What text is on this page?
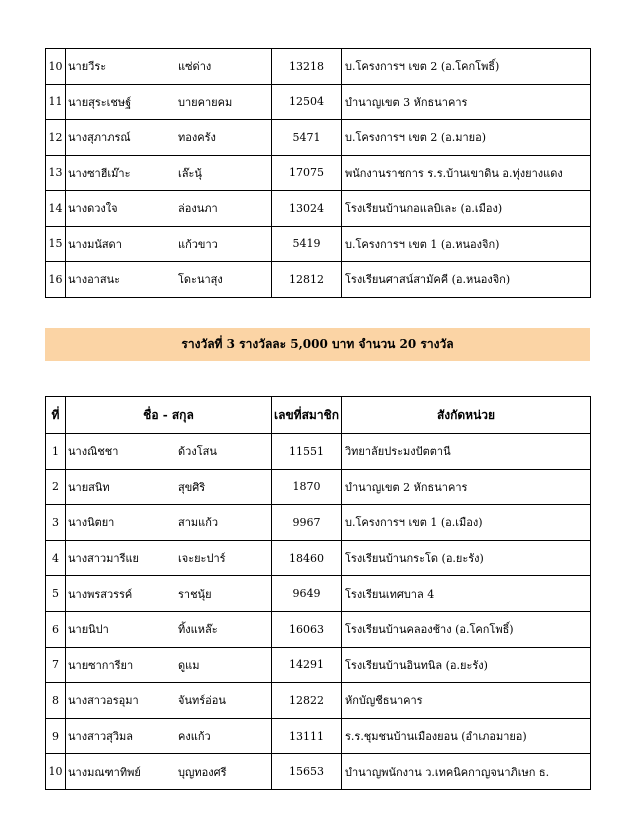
10	นายวีระ แซ่ด่าง	13218	บ.โครงการฯ เขต 2 (อ.โคกโพธิ์)
11	นายสุระเชษฐ์ บายคายคม	12504	บำนาญเขต 3 หักธนาคาร
12	นางสุภาภรณ์ ทองครัง	5471	บ.โครงการฯ เขต 2 (อ.มายอ)
13	นางซาฮีเม๊าะ เล๊ะนุ้	17075	พนักงานราชการ ร.ร.บ้านเขาดิน อ.ทุ่งยางแดง
14	นางดวงใจ ล่องนภา	13024	โรงเรียนบ้านกอแลบิเละ (อ.เมือง)
15	นางมนัสดา แก้วขาว	5419	บ.โครงการฯ เขต 1 (อ.หนองจิก)
16	นางอาสนะ โดะนาสุง	12812	โรงเรียนศาสน์สามัคคี (อ.หนองจิก)
รางวัลที่ 3 รางวัลละ 5,000 บาท จำนวน 20 รางวัล
ที่	ชื่อ - สกุล	เลขที่สมาชิก	สังกัดหน่วย
1	นางณิชชา ด้วงโสน	11551	วิทยาลัยประมงปัตตานี
2	นายสนิท สุขศิริ	1870	บำนาญเขต 2 หักธนาคาร
3	นางนิตยา สามแก้ว	9967	บ.โครงการฯ เขต 1 (อ.เมือง)
4	นางสาวมารีแย เจะยะปาร์	18460	โรงเรียนบ้านกระโด (อ.ยะรัง)
5	นางพรสวรรค์ ราชนุ้ย	9649	โรงเรียนเทศบาล 4
6	นายนิปา ทิ้งแหล๊ะ	16063	โรงเรียนบ้านคลองช้าง (อ.โคกโพธิ์)
7	นายซาการียา ดูแม	14291	โรงเรียนบ้านอินทนิล (อ.ยะรัง)
8	นางสาวอรอุมา จันทร์อ่อน	12822	หักบัญชีธนาคาร
9	นางสาวสุวิมล คงแก้ว	13111	ร.ร.ชุมชนบ้านเมืองยอน (อำเภอมายอ)
10	นางมณฑาทิพย์ บุญทองศรี	15653	บำนาญพนักงาน ว.เทคนิคกาญจนาภิเษก ธ.
